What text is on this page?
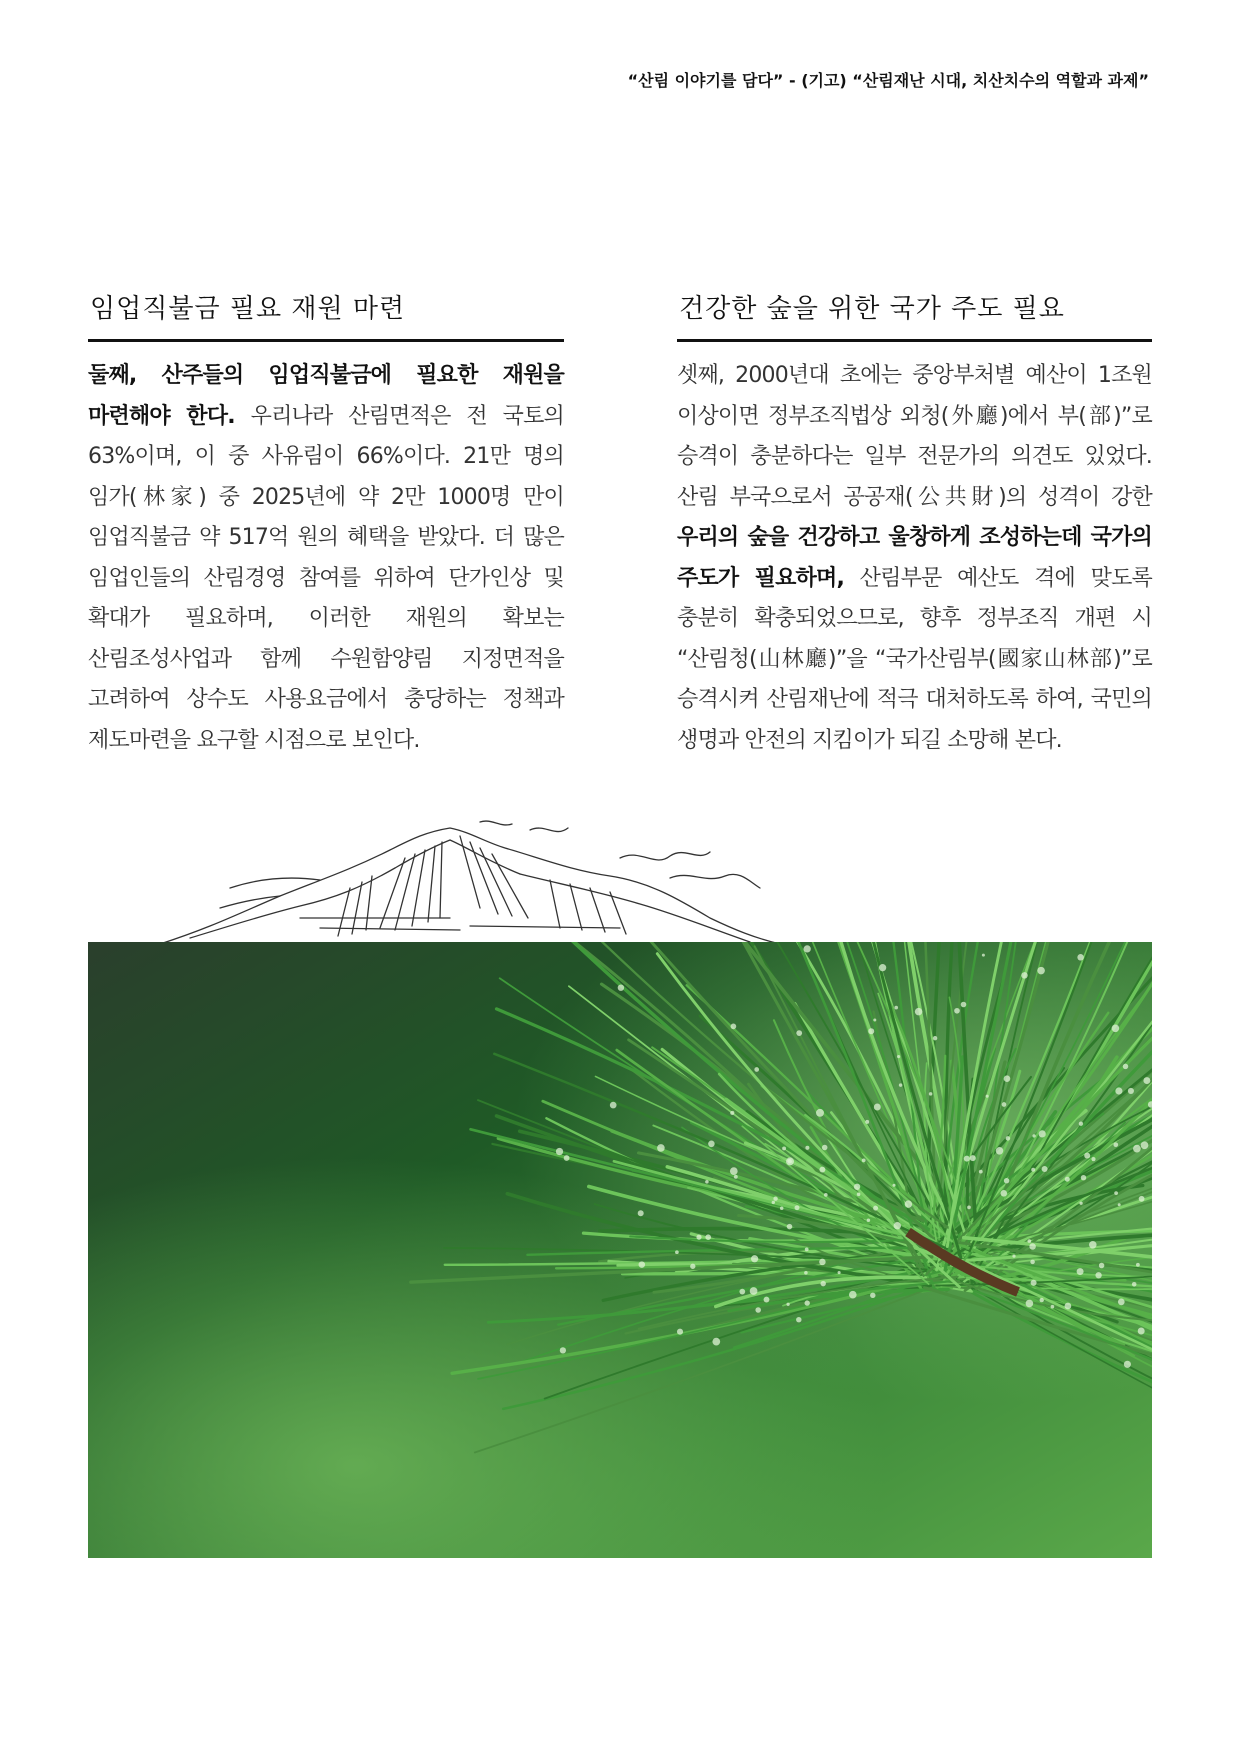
“산림 이야기를 담다” - (기고) “산림재난 시대, 치산치수의 역할과 과제”
임업직불금 필요 재원 마련

둘째, 산주들의 임업직불금에 필요한 재원을 마련해야 한다. 우리나라 산림면적은 전 국토의 63%이며, 이 중 사유림이 66%이다. 21만 명의 임가(林家) 중 2025년에 약 2만 1000명 만이 임업직불금 약 517억 원의 혜택을 받았다. 더 많은 임업인들의 산림경영 참여를 위하여 단가인상 및 확대가 필요하며, 이러한 재원의 확보는 산림조성사업과 함께 수원함양림 지정면적을 고려하여 상수도 사용요금에서 충당하는 정책과 제도마련을 요구할 시점으로 보인다.

건강한 숲을 위한 국가 주도 필요

셋째, 2000년대 초에는 중앙부처별 예산이 1조원 이상이면 정부조직법상 외청(外廳)에서 부(部)”로 승격이 충분하다는 일부 전문가의 의견도 있었다. 산림 부국으로서 공공재(公共財)의 성격이 강한 우리의 숲을 건강하고 울창하게 조성하는데 국가의 주도가 필요하며, 산림부문 예산도 격에 맞도록 충분히 확충되었으므로, 향후 정부조직 개편 시 “산림청(山林廳)”을 “국가산림부(國家山林部)”로 승격시켜 산림재난에 적극 대처하도록 하여, 국민의 생명과 안전의 지킴이가 되길 소망해 본다.
